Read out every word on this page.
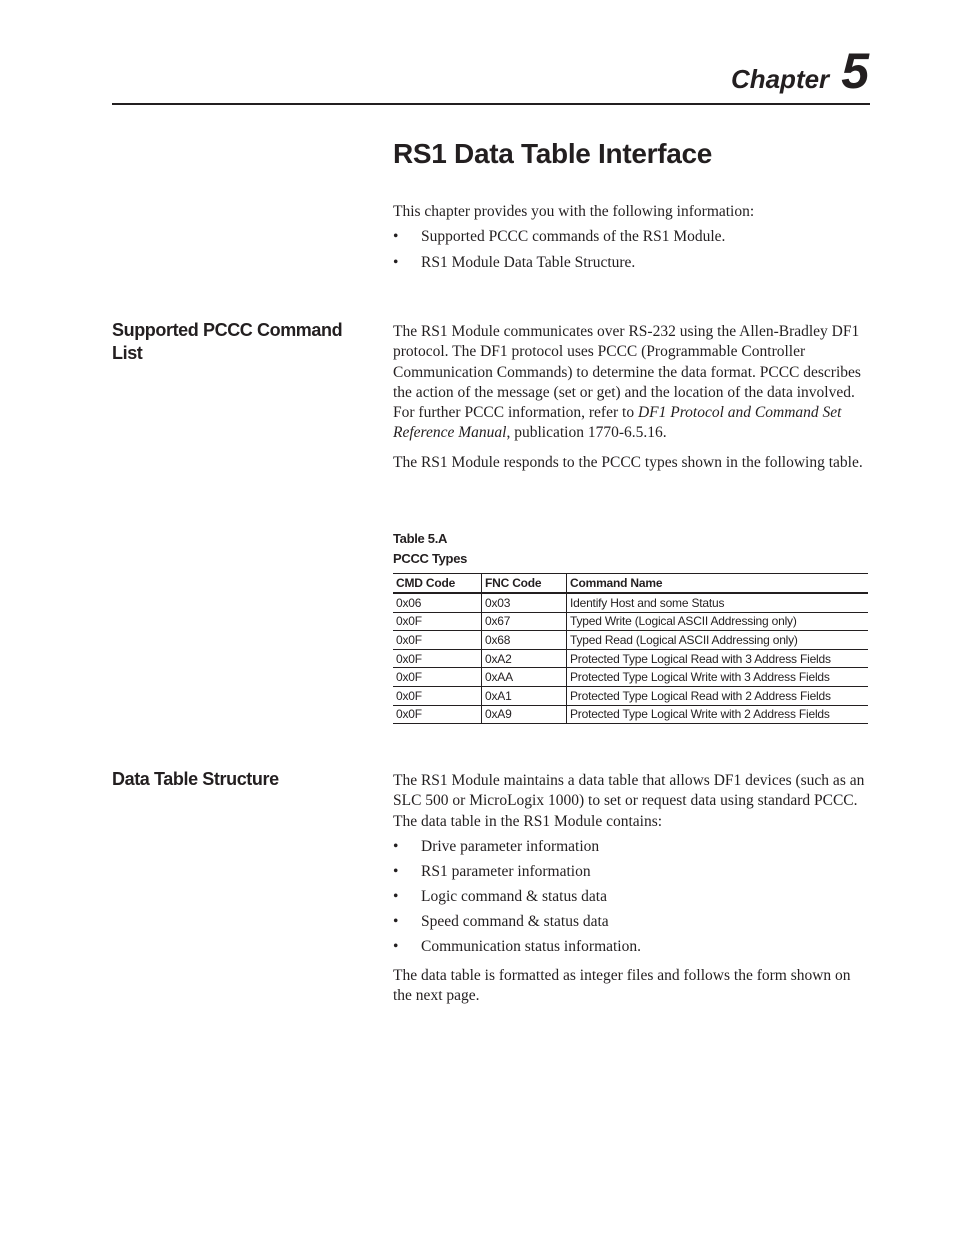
Chapter 5
RS1 Data Table Interface

This chapter provides you with the following information:

• Supported PCCC commands of the RS1 Module.
• RS1 Module Data Table Structure.
Supported PCCC Command List

The RS1 Module communicates over RS-232 using the Allen-Bradley DF1 protocol. The DF1 protocol uses PCCC (Programmable Controller Communication Commands) to determine the data format. PCCC describes the action of the message (set or get) and the location of the data involved. For further PCCC information, refer to DF1 Protocol and Command Set Reference Manual, publication 1770-6.5.16.

The RS1 Module responds to the PCCC types shown in the following table.

Table 5.A
PCCC Types
CMD Code	FNC Code	Command Name
0x06	0x03	Identify Host and some Status
0x0F	0x67	Typed Write (Logical ASCII Addressing only)
0x0F	0x68	Typed Read (Logical ASCII Addressing only)
0x0F	0xA2	Protected Type Logical Read with 3 Address Fields
0x0F	0xAA	Protected Type Logical Write with 3 Address Fields
0x0F	0xA1	Protected Type Logical Read with 2 Address Fields
0x0F	0xA9	Protected Type Logical Write with 2 Address Fields
Data Table Structure	The RS1 Module maintains a data table that allows DF1 devices (such as an SLC 500 or MicroLogix 1000) to set or request data using standard PCCC. The data table in the RS1 Module contains:

• Drive parameter information
• RS1 parameter information
• Logic command & status data
• Speed command & status data
• Communication status information.

The data table is formatted as integer files and follows the form shown on the next page.
